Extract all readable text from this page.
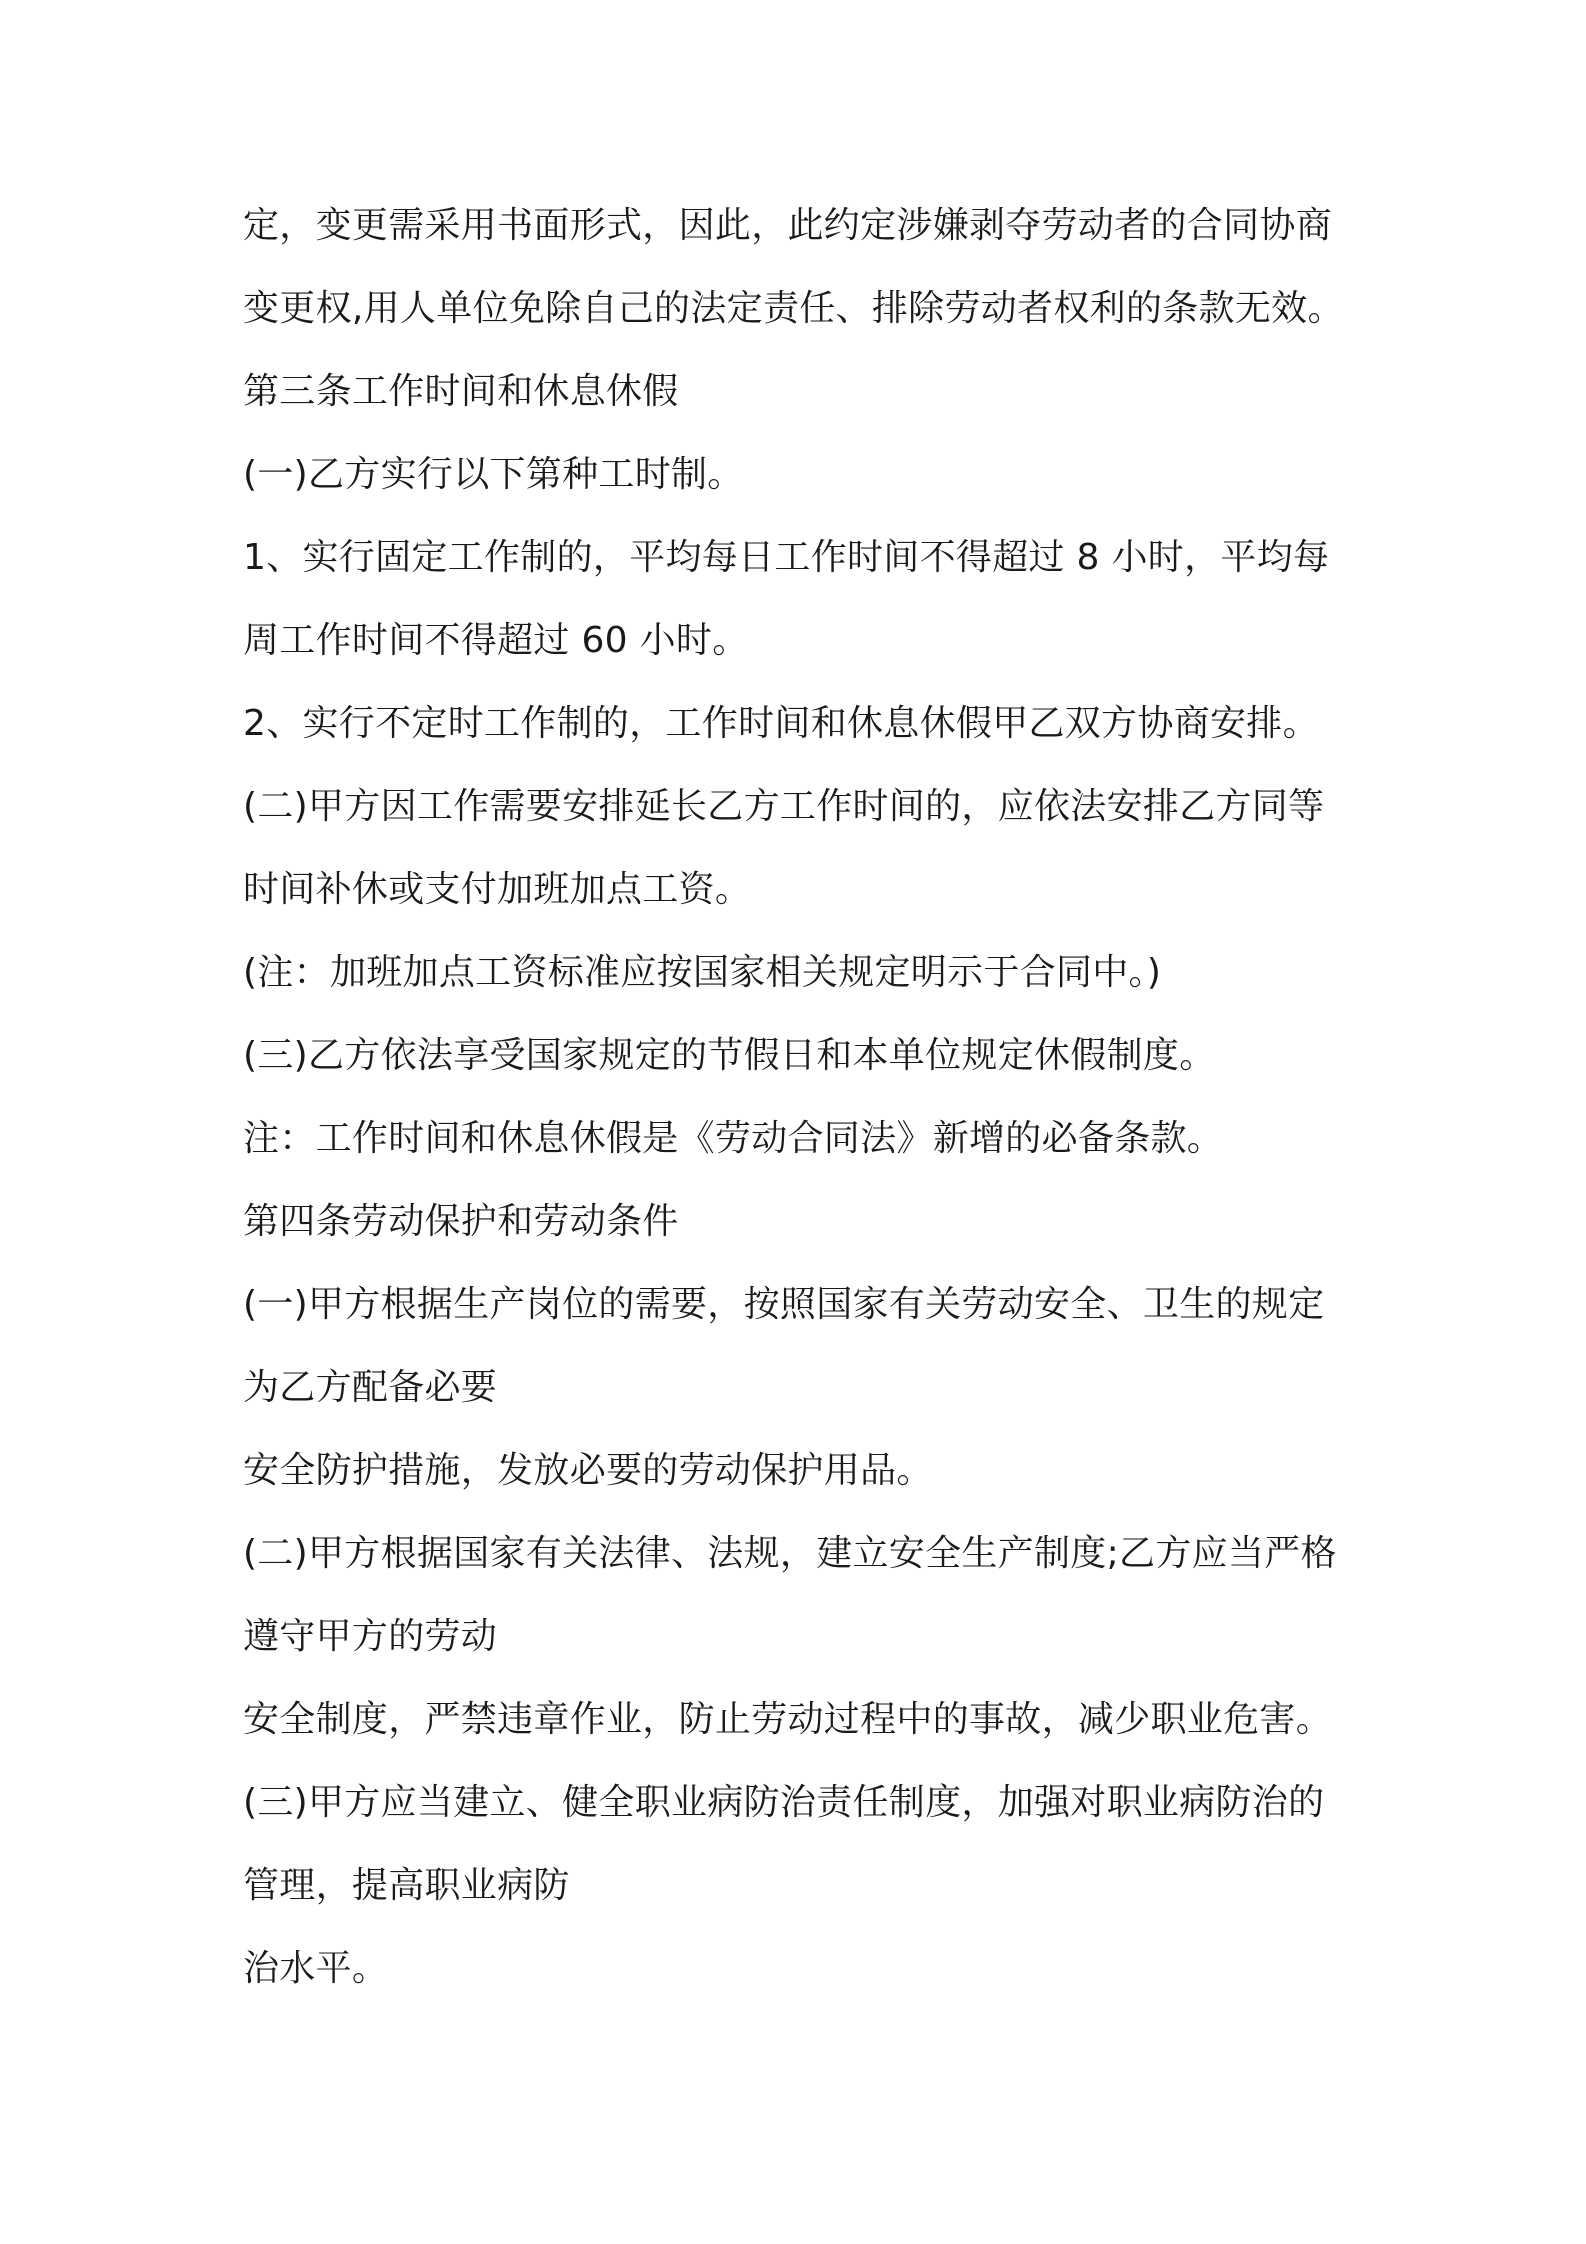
定，变更需采用书面形式，因此，此约定涉嫌剥夺劳动者的合同协商
变更权,用人单位免除自己的法定责任、排除劳动者权利的条款无效。
第三条工作时间和休息休假
(一)乙方实行以下第种工时制。
1、实行固定工作制的，平均每日工作时间不得超过 8 小时，平均每
周工作时间不得超过 60 小时。
2、实行不定时工作制的，工作时间和休息休假甲乙双方协商安排。
(二)甲方因工作需要安排延长乙方工作时间的，应依法安排乙方同等
时间补休或支付加班加点工资。
(注：加班加点工资标准应按国家相关规定明示于合同中。)
(三)乙方依法享受国家规定的节假日和本单位规定休假制度。
注：工作时间和休息休假是《劳动合同法》新增的必备条款。
第四条劳动保护和劳动条件
(一)甲方根据生产岗位的需要，按照国家有关劳动安全、卫生的规定
为乙方配备必要
安全防护措施，发放必要的劳动保护用品。
(二)甲方根据国家有关法律、法规，建立安全生产制度;乙方应当严格
遵守甲方的劳动
安全制度，严禁违章作业，防止劳动过程中的事故，减少职业危害。
(三)甲方应当建立、健全职业病防治责任制度，加强对职业病防治的
管理，提高职业病防
治水平。
